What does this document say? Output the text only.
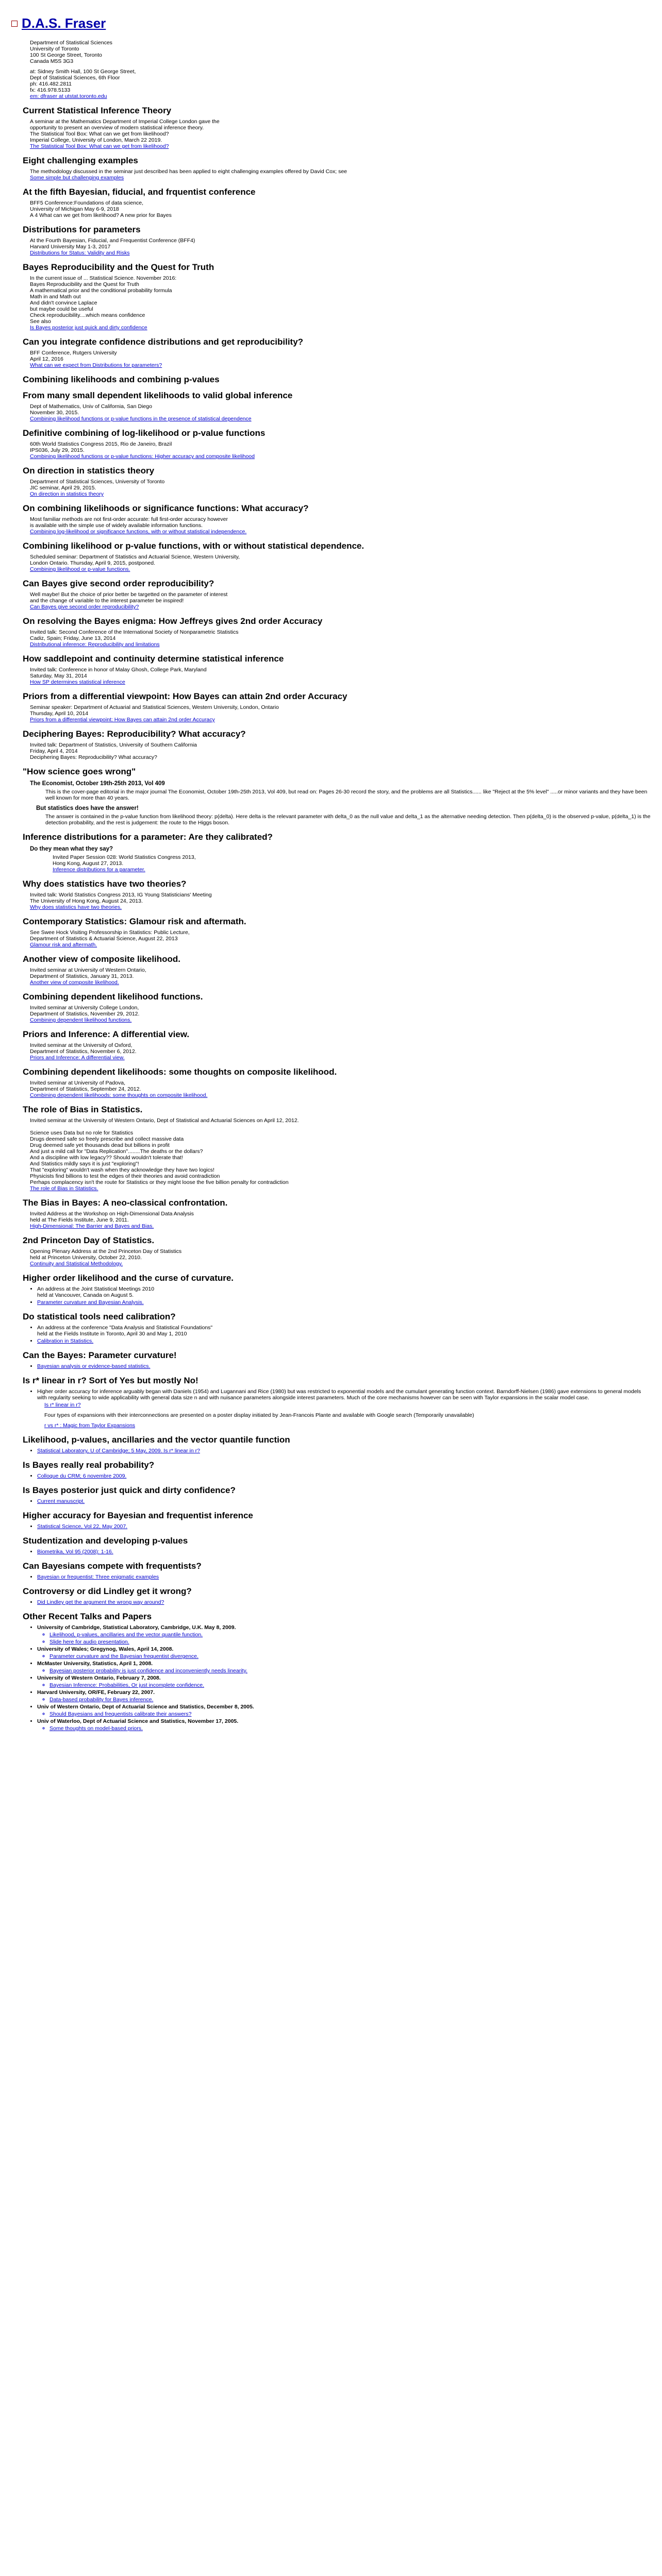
D.A.S. Fraser
Department of Statistical Sciences
University of Toronto
100 St George Street, Toronto
Canada M5S 3G3
at: Sidney Smith Hall, 100 St George Street,
Dept of Statistical Sciences, 6th Floor
ph: 416.482.2811
fx: 416.978.5133
em: dfraser at utstat.toronto.edu
Current Statistical Inference Theory
A seminar at the Mathematics Department of Imperial College London gave the
opportunity to present an overview of modern statistical inference theory.
The Statistical Tool Box: What can we get from likelihood?
Imperial College, University of London, March 22 2019.
The Statistical Tool Box: What can we get from likelihood?
Eight challenging examples
The methodology discussed in the seminar just described has been applied to eight challenging examples offered by David Cox; see
Some simple but challenging examples
At the fifth Bayesian, fiducial, and frquentist conference
BFF5 Conference:Foundations of data science,
University of Michigan May 6-9, 2018
A 4 What can we get from likelihood? A new prior for Bayes
Distributions for parameters
At the Fourth Bayesian, Fiducial, and Frequentist Conference (BFF4)
Harvard University May 1-3, 2017
Distributions for Status: Validity and Risks
Bayes Reproducibility and the Quest for Truth
In the current issue of ... Statistical Science. November 2016:
Bayes Reproducibility and the Quest for Truth
A mathematical prior and the conditional probability formula
Math in and Math out
And didn't convince Laplace
but maybe could be useful
Check reproducibility....which means confidence
See also
Is Bayes posterior just quick and dirty confidence
Can you integrate confidence distributions and get reproducibility?
BFF Conference, Rutgers University
April 12, 2016
What can we expect from Distributions for parameters?
Combining likelihoods and combining p-values
From many small dependent likelihoods to valid global inference
Dept of Mathematics, Univ of California, San Diego
November 30, 2015.
Combining likelihood functions or p-value functions in the presence of statistical dependence
Definitive combining of log-likelihood or p-value functions
60th World Statistics Congress 2015, Rio de Janeiro, Brazil
IPS036, July 29, 2015.
Combining likelihood functions or p-value functions: Higher accuracy and composite likelihood
On direction in statistics theory
Department of Statistical Sciences, University of Toronto
JIC seminar, April 29, 2015.
On direction in statistics theory
On combining likelihoods or significance functions: What accuracy?
Most familiar methods are not first-order accurate: full first-order accuracy however
is available with the simple use of widely available information functions.
Combining log-likelihood or significance functions, with or without statistical independence.
Combining likelihood or p-value functions, with or without statistical dependence.
Scheduled seminar: Department of Statistics and Actuarial Science, Western University,
London Ontario. Thursday, April 9, 2015, postponed.
Combining likelihood or p-value functions.
Can Bayes give second order reproducibility?
Well maybe! But the choice of prior better be targetted on the parameter of interest
and the change of variable to the interest parameter be inspired!
Can Bayes give second order reproducibility?
On resolving the Bayes enigma: How Jeffreys gives 2nd order Accuracy
Invited talk: Second Conference of the International Society of Nonparametric Statistics
Cadiz, Spain; Friday, June 13, 2014
Distributional inference: Reproducibility and limitations
How saddlepoint and continuity determine statistical inference
Invited talk: Conference in honor of Malay Ghosh, College Park, Maryland
Saturday, May 31, 2014
How SP determines statistical inference
Priors from a differential viewpoint: How Bayes can attain 2nd order Accuracy
Seminar speaker: Department of Actuarial and Statistical Sciences, Western University, London, Ontario
Thursday, April 10, 2014
Priors from a differential viewpoint: How Bayes can attain 2nd order Accuracy
Deciphering Bayes: Reproducibility? What accuracy?
Invited talk: Department of Statistics, University of Southern California
Friday, April 4, 2014
Deciphering Bayes: Reproducibility? What accuracy?
"How science goes wrong"
The Economist, October 19th-25th 2013, Vol 409
This is the cover-page editorial in the major journal The Economist, October 19th-25th 2013, Vol 409, but read on: Pages 26-30 record the story, and the problems are all Statistics...... like "Reject at the 5% level" .....or minor variants and they have been well known for more than 40 years.
But statistics does have the answer!
The answer is contained in the p-value function from likelihood theory: p(delta). Here delta is the relevant parameter with delta_0 as the null value and delta_1 as the alternative needing detection. Then p(delta_0) is the observed p-value, p(delta_1) is the detection probability, and the rest is judgement: the route to the Higgs boson.
Inference distributions for a parameter: Are they calibrated?
Do they mean what they say?
Invited Paper Session 028: World Statistics Congress 2013,
Hong Kong, August 27, 2013.
Inference distributions for a parameter.
Why does statistics have two theories?
Invited talk: World Statistics Congress 2013, IG Young Statisticians' Meeting
The University of Hong Kong, August 24, 2013.
Why does statistics have two theories.
Contemporary Statistics: Glamour risk and aftermath.
See Swee Hock Visiting Professorship in Statistics: Public Lecture,
Department of Statistics & Actuarial Science, August 22, 2013
Glamour risk and aftermath.
Another view of composite likelihood.
Invited seminar at University of Western Ontario,
Department of Statistics, January 31, 2013.
Another view of composite likelihood.
Combining dependent likelihood functions.
Invited seminar at University College London,
Department of Statistics, November 29, 2012.
Combining dependent likelihood functions.
Priors and Inference: A differential view.
Invited seminar at the University of Oxford,
Department of Statistics, November 6, 2012.
Priors and Inference: A differential view.
Combining dependent likelihoods: some thoughts on composite likelihood.
Invited seminar at University of Padova,
Department of Statistics, September 24, 2012.
Combining dependent likelihoods: some thoughts on composite likelihood.
The role of Bias in Statistics.
Invited seminar at the University of Western Ontario, Dept of Statistical and Actuarial Sciences on April 12, 2012.
Science uses Data but no role for Statistics
Drugs deemed safe so freely prescribe and collect massive data
Drug deemed safe yet thousands dead but billions in profit
And just a mild call for "Data Replication"........The deaths or the dollars?
And a discipline with low legacy?? Should wouldn't tolerate that!
And Statistics mildly says it is just "exploring"!
That "exploring" wouldn't wash when they acknowledge they have two logics!
Physicists find billions to test the edges of their theories and avoid contradiction
Perhaps complacency isn't the route for Statistics or they might loose the five billion penalty for contradiction
The role of Bias in Statistics.
The Bias in Bayes: A neo-classical confrontation.
Invited Address at the Workshop on High-Dimensional Data Analysis
held at The Fields Institute, June 9, 2011.
High-Dimensional: The Barrier and Bayes and Bias.
2nd Princeton Day of Statistics.
Opening Plenary Address at the 2nd Princeton Day of Statistics
held at Princeton University, October 22, 2010.
Continuity and Statistical Methodology.
Higher order likelihood and the curse of curvature.
• An address at the Joint Statistical Meetings 2010
held at Vancouver, Canada on August 5.
• Parameter curvature and Bayesian Analysis.
Do statistical tools need calibration?
• An address at the conference "Data Analysis and Statistical Foundations"
held at the Fields Institute in Toronto, April 30 and May 1, 2010
• Calibration in Statistics.
Can the Bayes: Parameter curvature!
• Bayesian analysis or evidence-based statistics.
Is r* linear in r? Sort of Yes but mostly No!
• Higher order accuracy for inference arguably began with Daniels (1954) and Lugannani and Rice (1980) but was restricted to exponential models and the cumulant generating function context. Barndorff-Nielsen (1986) gave extensions to general models with regularity seeking to wide applicability with general data size n and with nuisance parameters alongside interest parameters. Much of the core mechanisms however can be seen with Taylor expansions in the scalar model case.
Is r* linear in r?
Four types of expansions with their interconnections are presented on a poster display initiated by Jean-Francois Plante and available with Google search (Temporarily unavailable)
r vs r* : Magic from Taylor Expansions
Likelihood, p-values, ancillaries and the vector quantile function
• Statistical Laboratory, U of Cambridge; 5 May, 2009. Is r* linear in r?
Is Bayes really real probability?
• Colloque du CRM; 6 novembre 2009.
Is Bayes posterior just quick and dirty confidence?
• Current manuscript.
Higher accuracy for Bayesian and frequentist inference
• Statistical Science, Vol 22, May 2007.
Studentization and developing p-values
• Biometrika, Vol 95 (2008): 1-16.
Can Bayesians compete with frequentists?
• Bayesian or frequentist: Three enigmatic examples
Controversy or did Lindley get it wrong?
• Did Lindley get the argument the wrong way around?
Other Recent Talks and Papers
• University of Cambridge, Statistical Laboratory, Cambridge, U.K. May 8, 2009.
◦ Likelihood, p-values, ancillaries and the vector quantile function.
◦ Slide here for audio presentation.
• University of Wales; Gregynog, Wales, April 14, 2008.
◦ Parameter curvature and the Bayesian frequentist divergence.
• McMaster University, Statistics, April 1, 2008.
◦ Bayesian posterior probability is just confidence and inconveniently needs linearity.
• University of Western Ontario, February 7, 2008.
◦ Bayesian Inference: Probabilities, Or just incomplete confidence.
• Harvard University, OR/FE, February 22, 2007.
◦ Data-based probability for Bayes inference.
• Univ of Western Ontario, Dept of Actuarial Science and Statistics, December 8, 2005.
◦ Should Bayesians and frequentists calibrate their answers?
• Univ of Waterloo, Dept of Actuarial Science and Statistics, November 17, 2005.
◦ Some thoughts on model-based priors.
